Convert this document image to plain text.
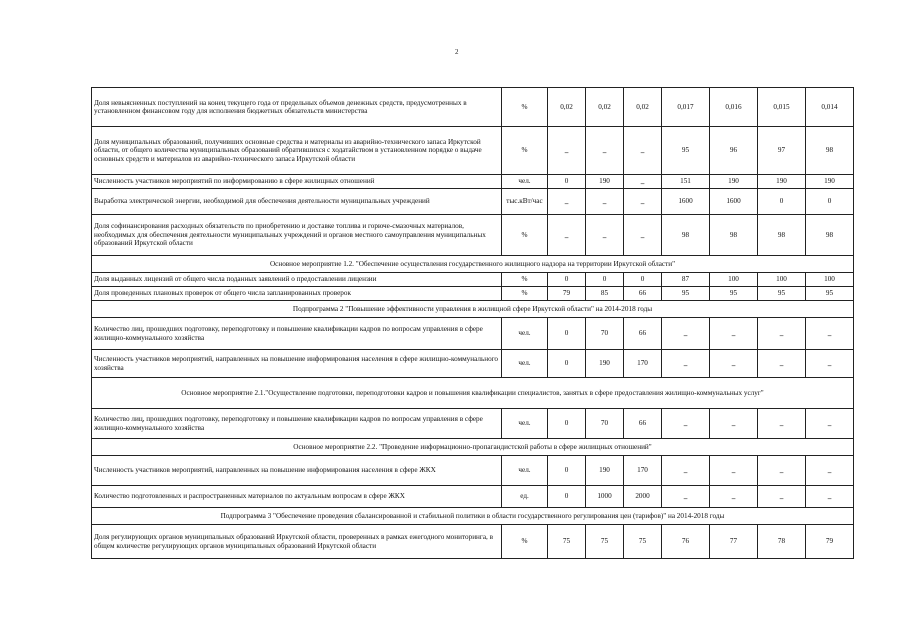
2
Доля невыясненных поступлений на конец текущего года от предельных объемов денежных средств, предусмотренных в установленном финансовом году для исполнения бюджетных обязательств министерства	%	0,02	0,02	0,02	0,017	0,016	0,015	0,014
Доля муниципальных образований, получивших основные средства и материалы из аварийно-технического запаса Иркутской области, от общего количества муниципальных образований обратившихся с ходатайством в установленном порядке о выдаче основных средств и материалов из аварийно-технического запаса Иркутской области	%	_	_	_	95	96	97	98
Численность участников мероприятий по информированию в сфере жилищных отношений	чел.	0	190	_	151	190	190	190
Выработка электрической энергии, необходимой для обеспечения деятельности муниципальных учреждений	тыс.кВт/час	_	_	_	1600	1600	0	0
Доля софинансирования расходных обязательств по приобретению и доставке топлива и горюче-смазочных материалов, необходимых для обеспечения деятельности муниципальных учреждений и органов местного самоуправления муниципальных образований Иркутской области	%	_	_	_	98	98	98	98
Основное мероприятие 1.2. "Обеспечение осуществления государственного жилищного надзора на территории Иркутской области"								
Доля выданных лицензий от общего числа поданных заявлений о предоставлении лицензии	%	0	0	0	87	100	100	100
Доля проведенных плановых проверок от общего числа запланированных проверок	%	79	85	66	95	95	95	95
Подпрограмма 2 "Повышение эффективности управления в жилищной сфере Иркутской области" на 2014-2018 годы								
Количество лиц, прошедших подготовку, переподготовку и повышение квалификации кадров по вопросам управления в сфере жилищно-коммунального хозяйства	чел.	0	70	66	_	_	_	_
Численность участников мероприятий, направленных на повышение информирования населения в сфере жилищно-коммунального хозяйства	чел.	0	190	170	_	_	_	_
Основное мероприятие 2.1."Осуществление подготовки, переподготовки кадров и повышения квалификации специалистов, занятых в сфере предоставления жилищно-коммунальных услуг"								
Количество лиц, прошедших подготовку, переподготовку и повышение квалификации кадров по вопросам управления в сфере жилищно-коммунального хозяйства	чел.	0	70	66	_	_	_	_
Основное мероприятие 2.2. "Проведение информационно-пропагандистской работы в сфере жилищных отношений"								
Численность участников мероприятий, направленных на повышение информирования населения в сфере ЖКХ	чел.	0	190	170	_	_	_	_
Количество подготовленных и распространенных материалов по актуальным вопросам в сфере ЖКХ	ед.	0	1000	2000	_	_	_	_
Подпрограмма 3 "Обеспечение проведения сбалансированной и стабильной политики в области государственного регулирования цен (тарифов)" на 2014-2018 годы								
Доля регулирующих органов муниципальных образований Иркутской области, проверенных в рамках ежегодного мониторинга, в общем количестве регулирующих органов муниципальных образований Иркутской области	%	75	75	75	76	77	78	79
